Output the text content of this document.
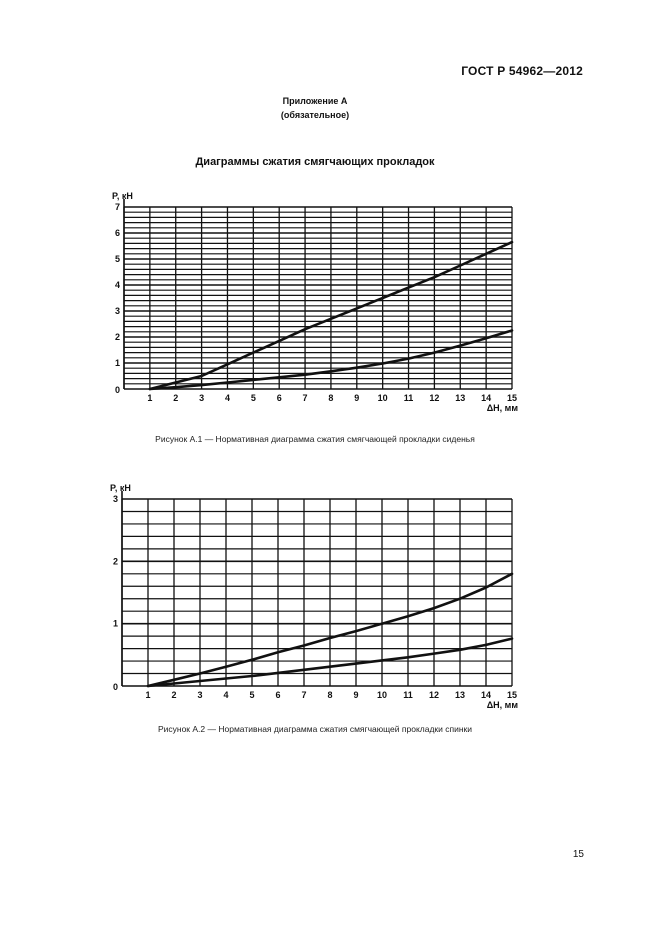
ГОСТ Р 54962—2012
Приложение А
(обязательное)
Диаграммы сжатия смягчающих прокладок
1 2 3 4 5 6 7 8 9 10 11 12 13 14 15
0
1
2
3
4
5
6
7
P, кН
ΔH, мм
Рисунок А.1 — Нормативная диаграмма сжатия смягчающей прокладки сиденья
1 2 3 4 5 6 7 8 9 10 11 12 13 14 15
0
1
2
3
P, кН
ΔH, мм
Рисунок А.2 — Нормативная диаграмма сжатия смягчающей прокладки спинки
15
